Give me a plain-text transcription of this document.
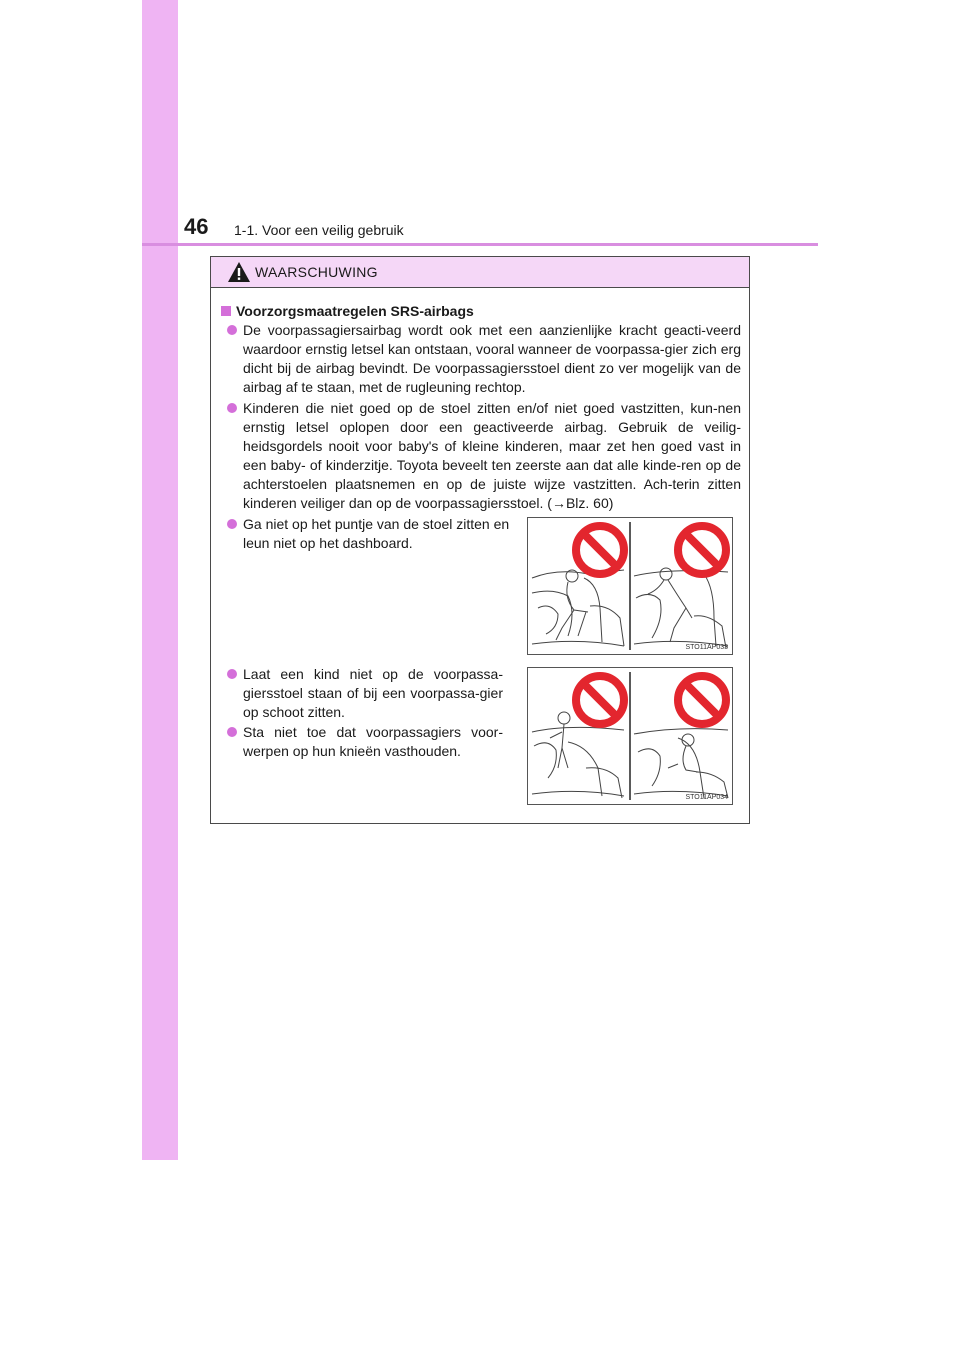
46 1-1. Voor een veilig gebruik
WAARSCHUWING
Voorzorgsmaatregelen SRS-airbags
De voorpassagiersairbag wordt ook met een aanzienlijke kracht geacti-veerd waardoor ernstig letsel kan ontstaan, vooral wanneer de voorpassa-gier zich erg dicht bij de airbag bevindt. De voorpassagiersstoel dient zo ver mogelijk van de airbag af te staan, met de rugleuning rechtop.
Kinderen die niet goed op de stoel zitten en/of niet goed vastzitten, kun-nen ernstig letsel oplopen door een geactiveerde airbag. Gebruik de veilig-heidsgordels nooit voor baby's of kleine kinderen, maar zet hen goed vast in een baby- of kinderzitje. Toyota beveelt ten zeerste aan dat alle kinde-ren op de achterstoelen plaatsnemen en op de juiste wijze vastzitten. Ach-terin zitten kinderen veiliger dan op de voorpassagiersstoel. (→Blz. 60)
Ga niet op het puntje van de stoel zitten en leun niet op het dashboard.
Laat een kind niet op de voorpassa-giersstoel staan of bij een voorpassa-gier op schoot zitten.
Sta niet toe dat voorpassagiers voor-werpen op hun knieën vasthouden.
STO11AP033
STO11AP034
